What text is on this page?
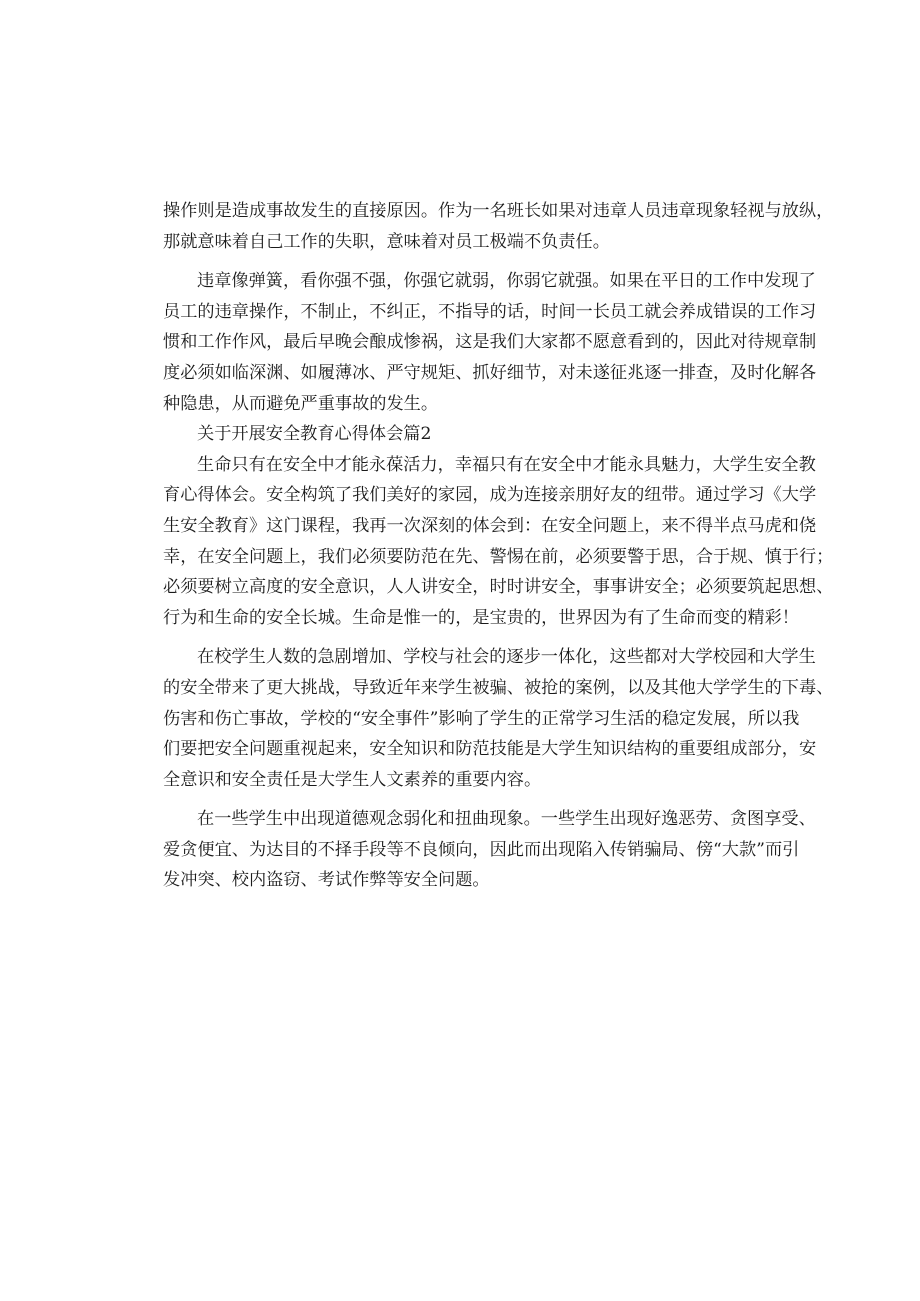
操作则是造成事故发生的直接原因。作为一名班长如果对违章人员违章现象轻视与放纵，
那就意味着自己工作的失职，意味着对员工极端不负责任。
违章像弹簧，看你强不强，你强它就弱，你弱它就强。如果在平日的工作中发现了
员工的违章操作，不制止，不纠正，不指导的话，时间一长员工就会养成错误的工作习
惯和工作作风，最后早晚会酿成惨祸，这是我们大家都不愿意看到的，因此对待规章制
度必须如临深渊、如履薄冰、严守规矩、抓好细节，对未遂征兆逐一排查，及时化解各
种隐患，从而避免严重事故的发生。
关于开展安全教育心得体会篇2
生命只有在安全中才能永葆活力，幸福只有在安全中才能永具魅力，大学生安全教
育心得体会。安全构筑了我们美好的家园，成为连接亲朋好友的纽带。通过学习《大学
生安全教育》这门课程，我再一次深刻的体会到：在安全问题上，来不得半点马虎和侥
幸，在安全问题上，我们必须要防范在先、警惕在前，必须要警于思，合于规、慎于行；
必须要树立高度的安全意识，人人讲安全，时时讲安全，事事讲安全；必须要筑起思想、
行为和生命的安全长城。生命是惟一的，是宝贵的，世界因为有了生命而变的精彩！
在校学生人数的急剧增加、学校与社会的逐步一体化，这些都对大学校园和大学生
的安全带来了更大挑战，导致近年来学生被骗、被抢的案例，以及其他大学学生的下毒、
伤害和伤亡事故，学校的“安全事件”影响了学生的正常学习生活的稳定发展，所以我
们要把安全问题重视起来，安全知识和防范技能是大学生知识结构的重要组成部分，安
全意识和安全责任是大学生人文素养的重要内容。
在一些学生中出现道德观念弱化和扭曲现象。一些学生出现好逸恶劳、贪图享受、
爱贪便宜、为达目的不择手段等不良倾向，因此而出现陷入传销骗局、傍“大款”而引
发冲突、校内盗窃、考试作弊等安全问题。
